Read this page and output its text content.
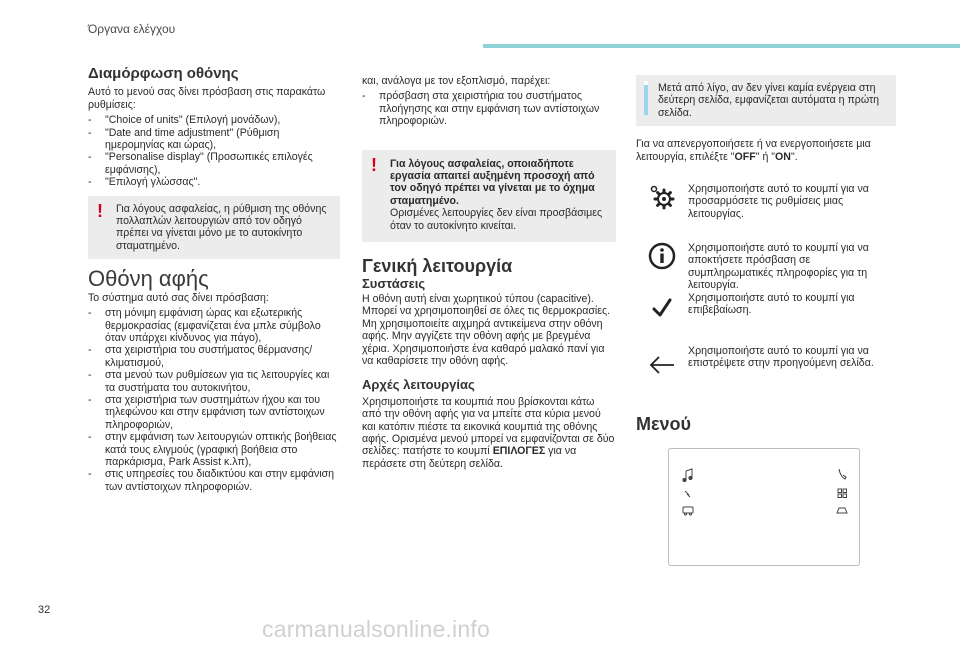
Όργανα ελέγχου
Διαμόρφωση οθόνης

Αυτό το μενού σας δίνει πρόσβαση στις παρακάτω ρυθμίσεις:

- "Choice of units" (Επιλογή μονάδων),
- "Date and time adjustment" (Ρύθμιση ημερομηνίας και ώρας),
- "Personalise display" (Προσωπικές επιλογές εμφάνισης),
- "Επιλογή γλώσσας".
! Για λόγους ασφαλείας, η ρύθμιση της οθόνης πολλαπλών λειτουργιών από τον οδηγό πρέπει να γίνεται μόνο με το αυτοκίνητο σταματημένο.
Οθόνη αφής

Το σύστημα αυτό σας δίνει πρόσβαση:

- στη μόνιμη εμφάνιση ώρας και εξωτερικής θερμοκρασίας (εμφανίζεται ένα μπλε σύμβολο όταν υπάρχει κίνδυνος για πάγο),
- στα χειριστήρια του συστήματος θέρμανσης/κλιματισμού,
- στα μενού των ρυθμίσεων για τις λειτουργίες και τα συστήματα του αυτοκινήτου,
- στα χειριστήρια των συστημάτων ήχου και του τηλεφώνου και στην εμφάνιση των αντίστοιχων πληροφοριών,
- στην εμφάνιση των λειτουργιών οπτικής βοήθειας κατά τους ελιγμούς (γραφική βοήθεια στο παρκάρισμα, Park Assist κ.λπ),
- στις υπηρεσίες του διαδικτύου και στην εμφάνιση των αντίστοιχων πληροφοριών.

και, ανάλογα με τον εξοπλισμό, παρέχει:

- πρόσβαση στα χειριστήρια του συστήματος πλοήγησης και στην εμφάνιση των αντίστοιχων πληροφοριών.
! Για λόγους ασφαλείας, οποιαδήποτε εργασία απαιτεί αυξημένη προσοχή από τον οδηγό πρέπει να γίνεται με το όχημα σταματημένο.
Ορισμένες λειτουργίες δεν είναι προσβάσιμες όταν το αυτοκίνητο κινείται.
Γενική λειτουργία
Συστάσεις

Η οθόνη αυτή είναι χωρητικού τύπου (capacitive). Μπορεί να χρησιμοποιηθεί σε όλες τις θερμοκρασίες. Μη χρησιμοποιείτε αιχμηρά αντικείμενα στην οθόνη αφής. Μην αγγίζετε την οθόνη αφής με βρεγμένα χέρια. Χρησιμοποιήστε ένα καθαρό μαλακό πανί για να καθαρίσετε την οθόνη αφής.

Αρχές λειτουργίας

Χρησιμοποιήστε τα κουμπιά που βρίσκονται κάτω από την οθόνη αφής για να μπείτε στα κύρια μενού και κατόπιν πιέστε τα εικονικά κουμπιά της οθόνης αφής. Ορισμένα μενού μπορεί να εμφανίζονται σε δύο σελίδες: πατήστε το κουμπί ΕΠΙΛΟΓΕΣ για να περάσετε στη δεύτερη σελίδα.

Μετά από λίγο, αν δεν γίνει καμία ενέργεια στη δεύτερη σελίδα, εμφανίζεται αυτόματα η πρώτη σελίδα.

Για να απενεργοποιήσετε ή να ενεργοποιήσετε μια λειτουργία, επιλέξτε "OFF" ή "ON".

Χρησιμοποιήστε αυτό το κουμπί για να προσαρμόσετε τις ρυθμίσεις μιας λειτουργίας.
Χρησιμοποιήστε αυτό το κουμπί για να αποκτήσετε πρόσβαση σε συμπληρωματικές πληροφορίες για τη λειτουργία.
Χρησιμοποιήστε αυτό το κουμπί για επιβεβαίωση.
Χρησιμοποιήστε αυτό το κουμπί για να επιστρέψετε στην προηγούμενη σελίδα.
Μενού
32
carmanualsonline.info
